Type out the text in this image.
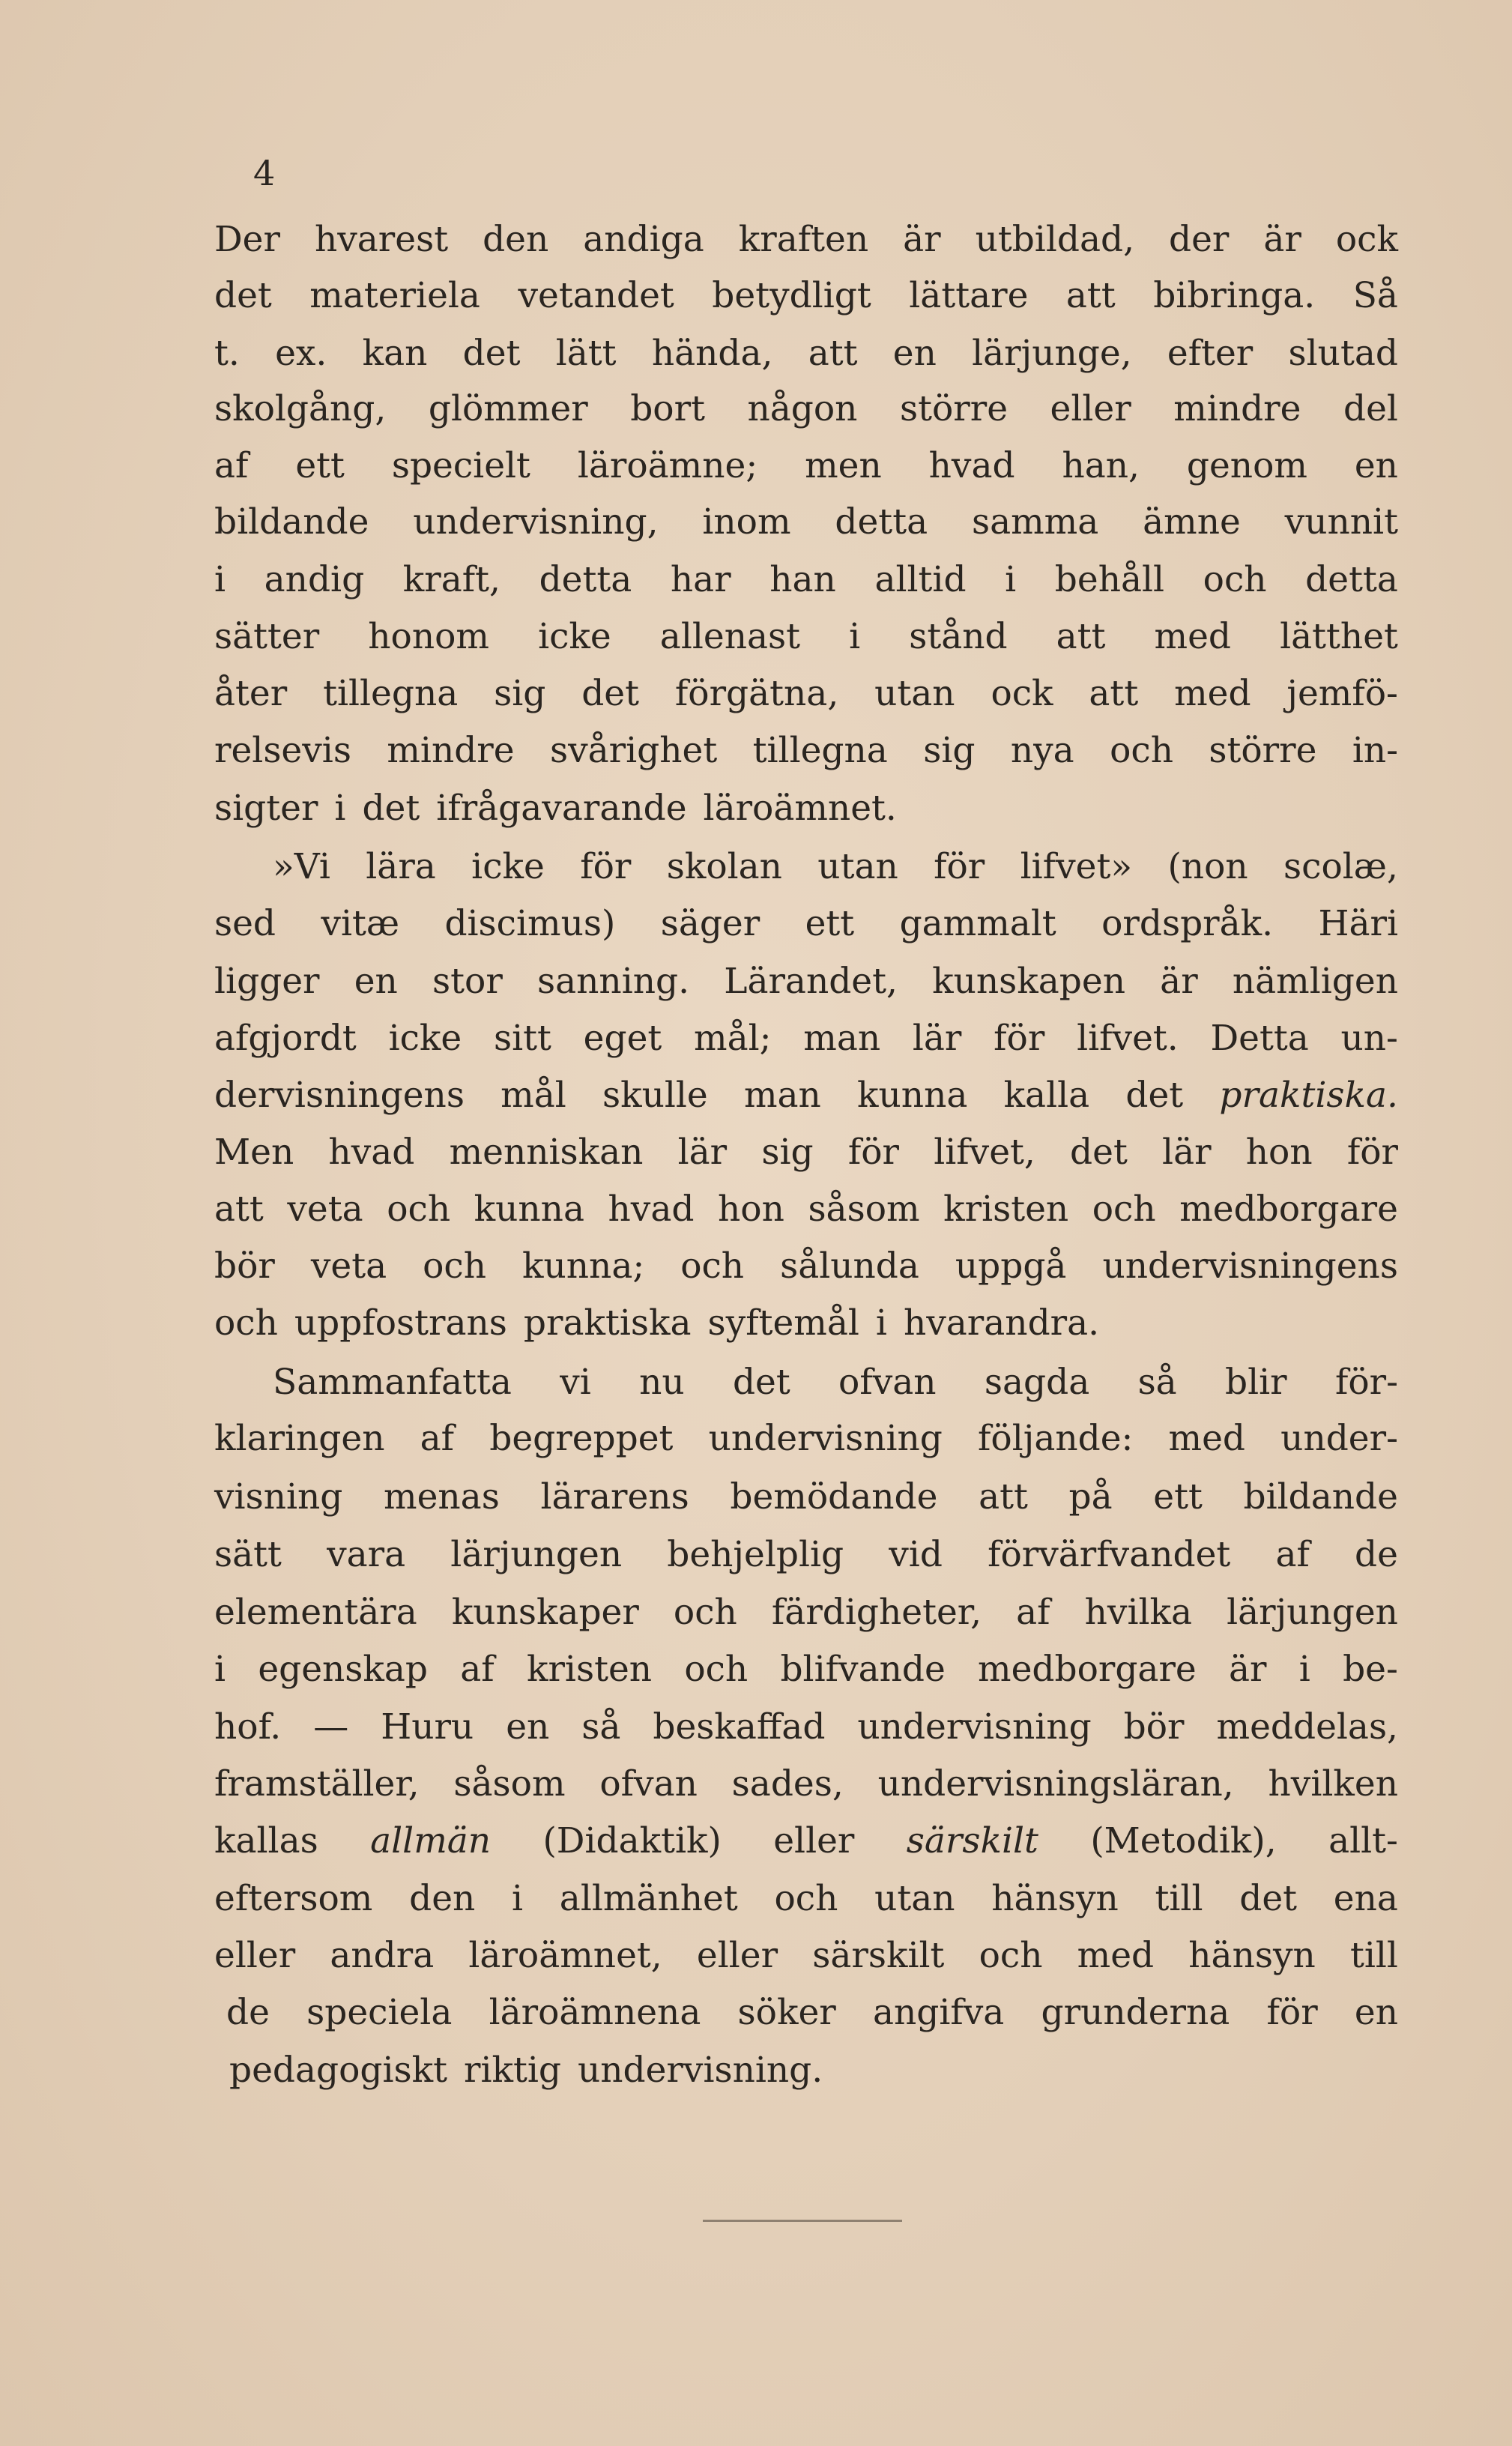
4
Der hvarest den andiga kraften är utbildad, der är ock
det materiela vetandet betydligt lättare att bibringa. Så
t. ex. kan det lätt hända, att en lärjunge, efter slutad
skolgång, glömmer bort någon större eller mindre del
af ett specielt läroämne; men hvad han, genom en
bildande undervisning, inom detta samma ämne vunnit
i andig kraft, detta har han alltid i behåll och detta
sätter honom icke allenast i stånd att med lätthet
åter tillegna sig det förgätna, utan ock att med jemfö-
relsevis mindre svårighet tillegna sig nya och större in-
sigter i det ifrågavarande läroämnet.
»Vi lära icke för skolan utan för lifvet» (non scolæ,
sed vitæ discimus) säger ett gammalt ordspråk. Häri
ligger en stor sanning. Lärandet, kunskapen är nämligen
afgjordt icke sitt eget mål; man lär för lifvet. Detta un-
dervisningens mål skulle man kunna kalla det praktiska.
Men hvad menniskan lär sig för lifvet, det lär hon för
att veta och kunna hvad hon såsom kristen och medborgare
bör veta och kunna; och sålunda uppgå undervisningens
och uppfostrans praktiska syftemål i hvarandra.
Sammanfatta vi nu det ofvan sagda så blir för-
klaringen af begreppet undervisning följande: med under-
visning menas lärarens bemödande att på ett bildande
sätt vara lärjungen behjelplig vid förvärfvandet af de
elementära kunskaper och färdigheter, af hvilka lärjungen
i egenskap af kristen och blifvande medborgare är i be-
hof. — Huru en så beskaffad undervisning bör meddelas,
framställer, såsom ofvan sades, undervisningsläran, hvilken
kallas allmän (Didaktik) eller särskilt (Metodik), allt-
eftersom den i allmänhet och utan hänsyn till det ena
eller andra läroämnet, eller särskilt och med hänsyn till
de speciela läroämnena söker angifva grunderna för en
pedagogiskt riktig undervisning.
